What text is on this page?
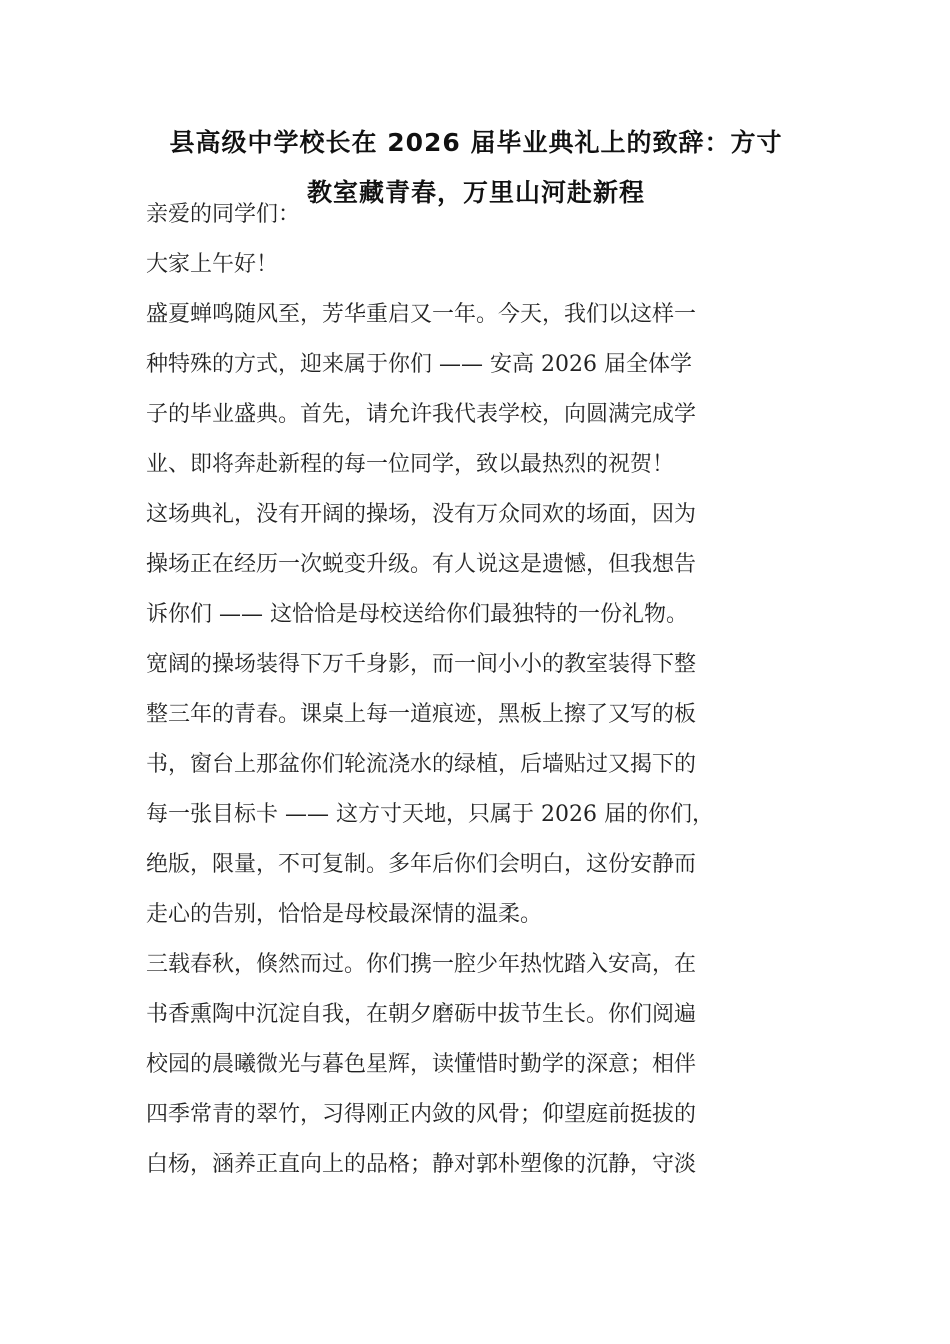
县高级中学校长在 2026 届毕业典礼上的致辞：方寸
教室藏青春，万里山河赴新程
亲爱的同学们：
大家上午好！
盛夏蝉鸣随风至，芳华重启又一年。今天，我们以这样一
种特殊的方式，迎来属于你们 —— 安高 2026 届全体学
子的毕业盛典。首先，请允许我代表学校，向圆满完成学
业、即将奔赴新程的每一位同学，致以最热烈的祝贺！
这场典礼，没有开阔的操场，没有万众同欢的场面，因为
操场正在经历一次蜕变升级。有人说这是遗憾，但我想告
诉你们 —— 这恰恰是母校送给你们最独特的一份礼物。
宽阔的操场装得下万千身影，而一间小小的教室装得下整
整三年的青春。课桌上每一道痕迹，黑板上擦了又写的板
书，窗台上那盆你们轮流浇水的绿植，后墙贴过又揭下的
每一张目标卡 —— 这方寸天地，只属于 2026 届的你们，
绝版，限量，不可复制。多年后你们会明白，这份安静而
走心的告别，恰恰是母校最深情的温柔。
三载春秋，倏然而过。你们携一腔少年热忱踏入安高，在
书香熏陶中沉淀自我，在朝夕磨砺中拔节生长。你们阅遍
校园的晨曦微光与暮色星辉，读懂惜时勤学的深意；相伴
四季常青的翠竹，习得刚正内敛的风骨；仰望庭前挺拔的
白杨，涵养正直向上的品格；静对郭朴塑像的沉静，守淡
